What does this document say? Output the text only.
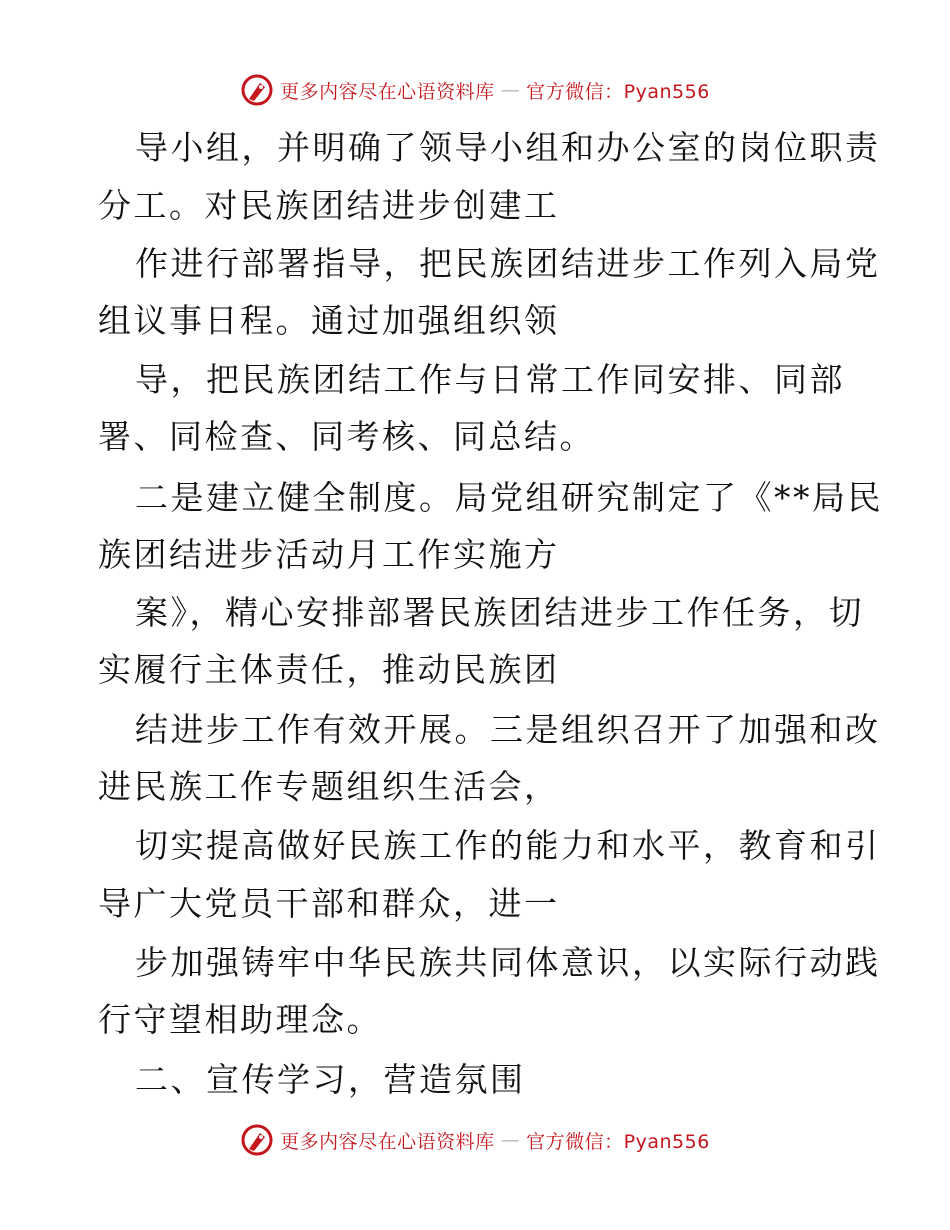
更多内容尽在心语资料库 — 官方微信：Pyan556
导小组，并明确了领导小组和办公室的岗位职责
分工。对民族团结进步创建工
作进行部署指导，把民族团结进步工作列入局党
组议事日程。通过加强组织领
导，把民族团结工作与日常工作同安排、同部
署、同检查、同考核、同总结。
二是建立健全制度。局党组研究制定了《**局民
族团结进步活动月工作实施方
案》，精心安排部署民族团结进步工作任务，切
实履行主体责任，推动民族团
结进步工作有效开展。三是组织召开了加强和改
进民族工作专题组织生活会，
切实提高做好民族工作的能力和水平，教育和引
导广大党员干部和群众，进一
步加强铸牢中华民族共同体意识，以实际行动践
行守望相助理念。
二、宣传学习，营造氛围
更多内容尽在心语资料库 — 官方微信：Pyan556
